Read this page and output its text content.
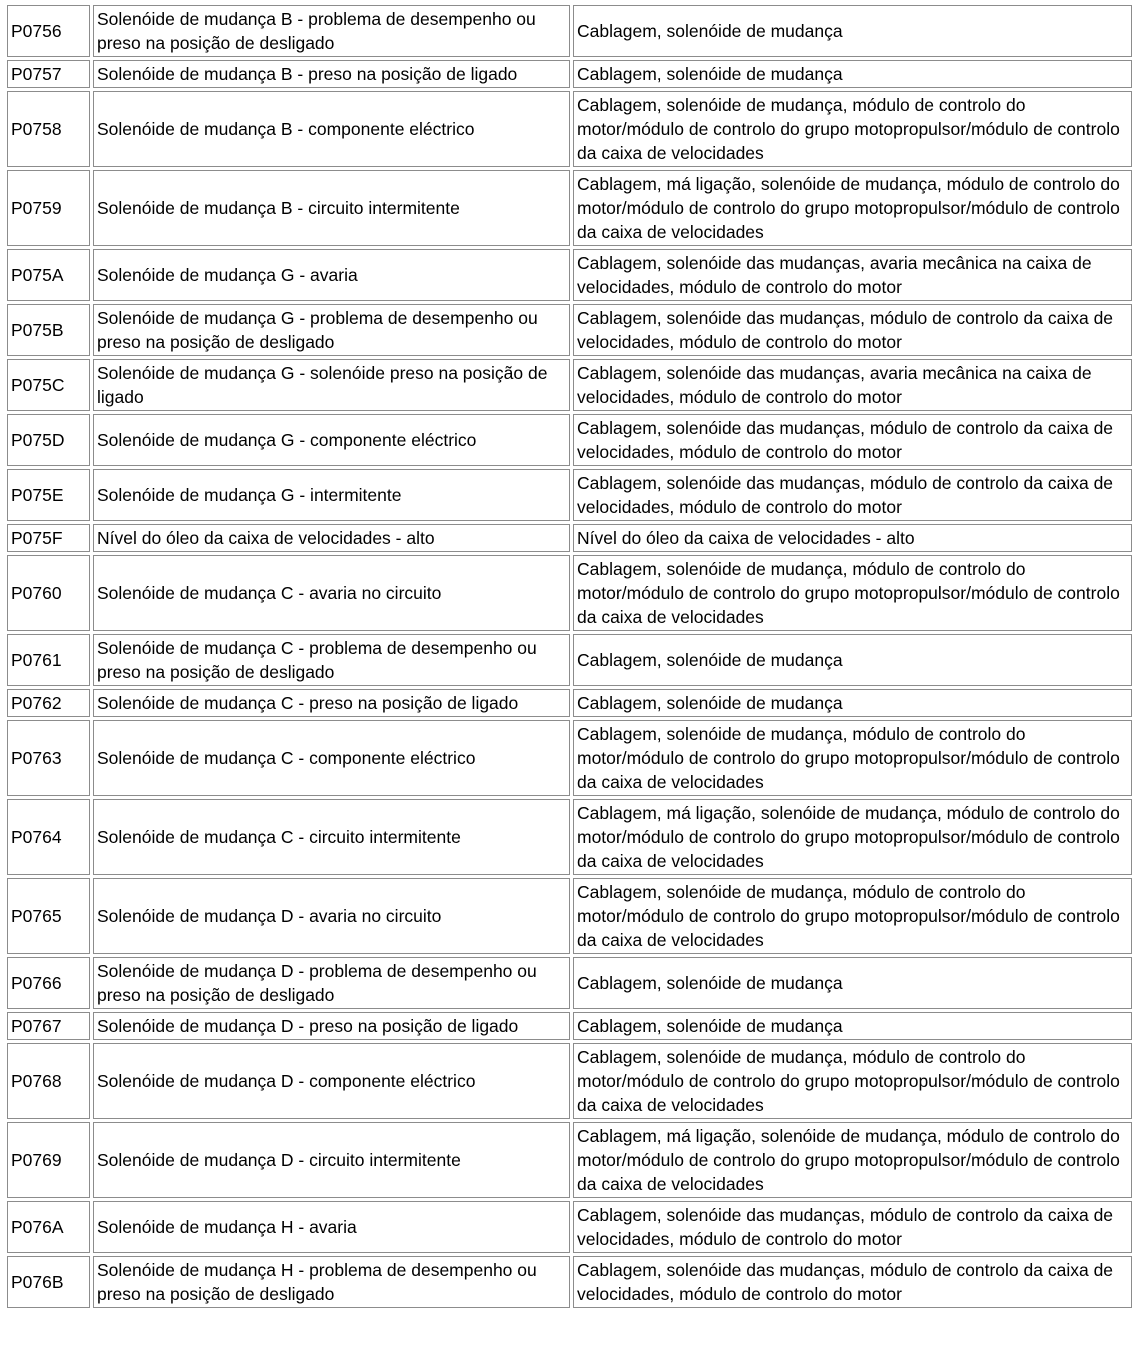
P0756	Solenóide de mudança B - problema de desempenho ou preso na posição de desligado	Cablagem, solenóide de mudança
P0757	Solenóide de mudança B - preso na posição de ligado	Cablagem, solenóide de mudança
P0758	Solenóide de mudança B - componente eléctrico	Cablagem, solenóide de mudança, módulo de controlo do motor/módulo de controlo do grupo motopropulsor/módulo de controlo da caixa de velocidades
P0759	Solenóide de mudança B - circuito intermitente	Cablagem, má ligação, solenóide de mudança, módulo de controlo do motor/módulo de controlo do grupo motopropulsor/módulo de controlo da caixa de velocidades
P075A	Solenóide de mudança G - avaria	Cablagem, solenóide das mudanças, avaria mecânica na caixa de velocidades, módulo de controlo do motor
P075B	Solenóide de mudança G - problema de desempenho ou preso na posição de desligado	Cablagem, solenóide das mudanças, módulo de controlo da caixa de velocidades, módulo de controlo do motor
P075C	Solenóide de mudança G - solenóide preso na posição de ligado	Cablagem, solenóide das mudanças, avaria mecânica na caixa de velocidades, módulo de controlo do motor
P075D	Solenóide de mudança G - componente eléctrico	Cablagem, solenóide das mudanças, módulo de controlo da caixa de velocidades, módulo de controlo do motor
P075E	Solenóide de mudança G - intermitente	Cablagem, solenóide das mudanças, módulo de controlo da caixa de velocidades, módulo de controlo do motor
P075F	Nível do óleo da caixa de velocidades - alto	Nível do óleo da caixa de velocidades - alto
P0760	Solenóide de mudança C - avaria no circuito	Cablagem, solenóide de mudança, módulo de controlo do motor/módulo de controlo do grupo motopropulsor/módulo de controlo da caixa de velocidades
P0761	Solenóide de mudança C - problema de desempenho ou preso na posição de desligado	Cablagem, solenóide de mudança
P0762	Solenóide de mudança C - preso na posição de ligado	Cablagem, solenóide de mudança
P0763	Solenóide de mudança C - componente eléctrico	Cablagem, solenóide de mudança, módulo de controlo do motor/módulo de controlo do grupo motopropulsor/módulo de controlo da caixa de velocidades
P0764	Solenóide de mudança C - circuito intermitente	Cablagem, má ligação, solenóide de mudança, módulo de controlo do motor/módulo de controlo do grupo motopropulsor/módulo de controlo da caixa de velocidades
P0765	Solenóide de mudança D - avaria no circuito	Cablagem, solenóide de mudança, módulo de controlo do motor/módulo de controlo do grupo motopropulsor/módulo de controlo da caixa de velocidades
P0766	Solenóide de mudança D - problema de desempenho ou preso na posição de desligado	Cablagem, solenóide de mudança
P0767	Solenóide de mudança D - preso na posição de ligado	Cablagem, solenóide de mudança
P0768	Solenóide de mudança D - componente eléctrico	Cablagem, solenóide de mudança, módulo de controlo do motor/módulo de controlo do grupo motopropulsor/módulo de controlo da caixa de velocidades
P0769	Solenóide de mudança D - circuito intermitente	Cablagem, má ligação, solenóide de mudança, módulo de controlo do motor/módulo de controlo do grupo motopropulsor/módulo de controlo da caixa de velocidades
P076A	Solenóide de mudança H - avaria	Cablagem, solenóide das mudanças, módulo de controlo da caixa de velocidades, módulo de controlo do motor
P076B	Solenóide de mudança H - problema de desempenho ou preso na posição de desligado	Cablagem, solenóide das mudanças, módulo de controlo da caixa de velocidades, módulo de controlo do motor
